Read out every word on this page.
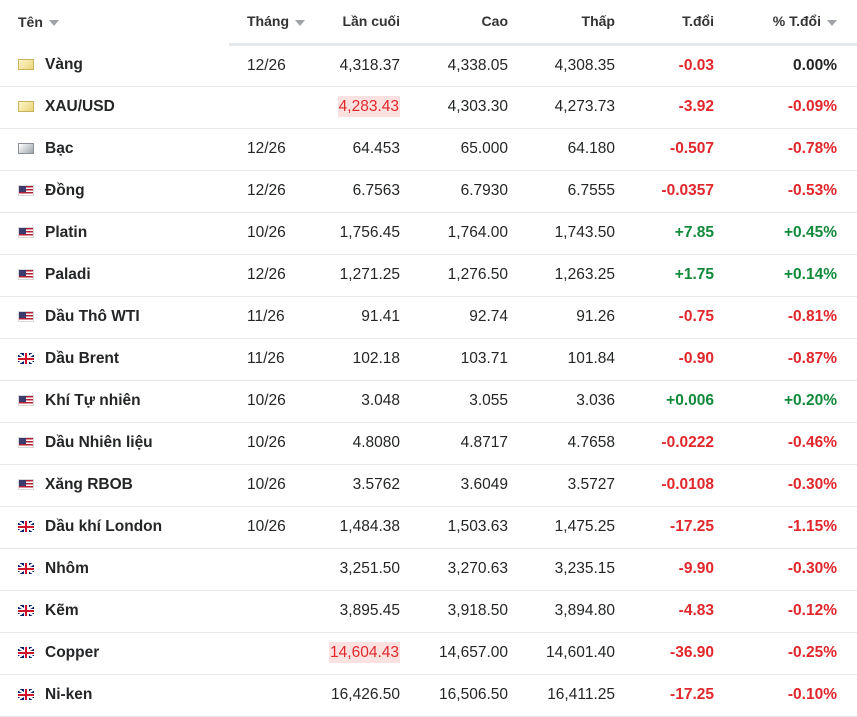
Tên	Tháng	Lần cuối	Cao	Thấp	T.đổi	% T.đổi
Vàng	12/26	4,318.37	4,338.05	4,308.35	-0.03	0.00%
XAU/USD		4,283.43	4,303.30	4,273.73	-3.92	-0.09%
Bạc	12/26	64.453	65.000	64.180	-0.507	-0.78%
Đồng	12/26	6.7563	6.7930	6.7555	-0.0357	-0.53%
Platin	10/26	1,756.45	1,764.00	1,743.50	+7.85	+0.45%
Paladi	12/26	1,271.25	1,276.50	1,263.25	+1.75	+0.14%
Dầu Thô WTI	11/26	91.41	92.74	91.26	-0.75	-0.81%
Dầu Brent	11/26	102.18	103.71	101.84	-0.90	-0.87%
Khí Tự nhiên	10/26	3.048	3.055	3.036	+0.006	+0.20%
Dầu Nhiên liệu	10/26	4.8080	4.8717	4.7658	-0.0222	-0.46%
Xăng RBOB	10/26	3.5762	3.6049	3.5727	-0.0108	-0.30%
Dầu khí London	10/26	1,484.38	1,503.63	1,475.25	-17.25	-1.15%
Nhôm		3,251.50	3,270.63	3,235.15	-9.90	-0.30%
Kẽm		3,895.45	3,918.50	3,894.80	-4.83	-0.12%
Copper		14,604.43	14,657.00	14,601.40	-36.90	-0.25%
Ni-ken		16,426.50	16,506.50	16,411.25	-17.25	-0.10%
